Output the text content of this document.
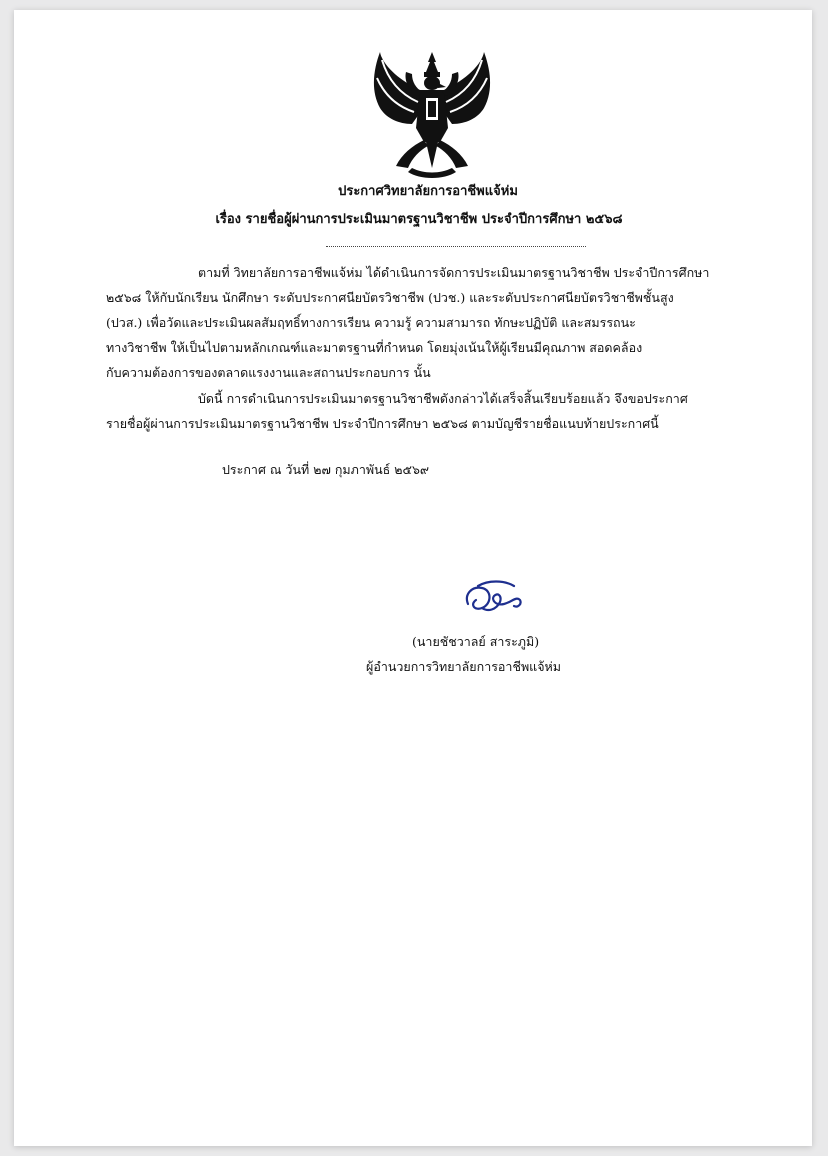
ประกาศวิทยาลัยการอาชีพแจ้ห่ม
เรื่อง รายชื่อผู้ผ่านการประเมินมาตรฐานวิชาชีพ ประจำปีการศึกษา ๒๕๖๘

ตามที่ วิทยาลัยการอาชีพแจ้ห่ม ได้ดำเนินการจัดการประเมินมาตรฐานวิชาชีพ ประจำปีการศึกษา
๒๕๖๘ ให้กับนักเรียน นักศึกษา ระดับประกาศนียบัตรวิชาชีพ (ปวช.) และระดับประกาศนียบัตรวิชาชีพชั้นสูง
(ปวส.) เพื่อวัดและประเมินผลสัมฤทธิ์ทางการเรียน ความรู้ ความสามารถ ทักษะปฏิบัติ และสมรรถนะ
ทางวิชาชีพ ให้เป็นไปตามหลักเกณฑ์และมาตรฐานที่กำหนด โดยมุ่งเน้นให้ผู้เรียนมีคุณภาพ สอดคล้อง
กับความต้องการของตลาดแรงงานและสถานประกอบการ นั้น

บัดนี้ การดำเนินการประเมินมาตรฐานวิชาชีพดังกล่าวได้เสร็จสิ้นเรียบร้อยแล้ว จึงขอประกาศ
รายชื่อผู้ผ่านการประเมินมาตรฐานวิชาชีพ ประจำปีการศึกษา ๒๕๖๘ ตามบัญชีรายชื่อแนบท้ายประกาศนี้

ประกาศ ณ วันที่ ๒๗ กุมภาพันธ์ ๒๕๖๙
(นายชัชวาลย์ สาระภูมิ)
ผู้อำนวยการวิทยาลัยการอาชีพแจ้ห่ม
